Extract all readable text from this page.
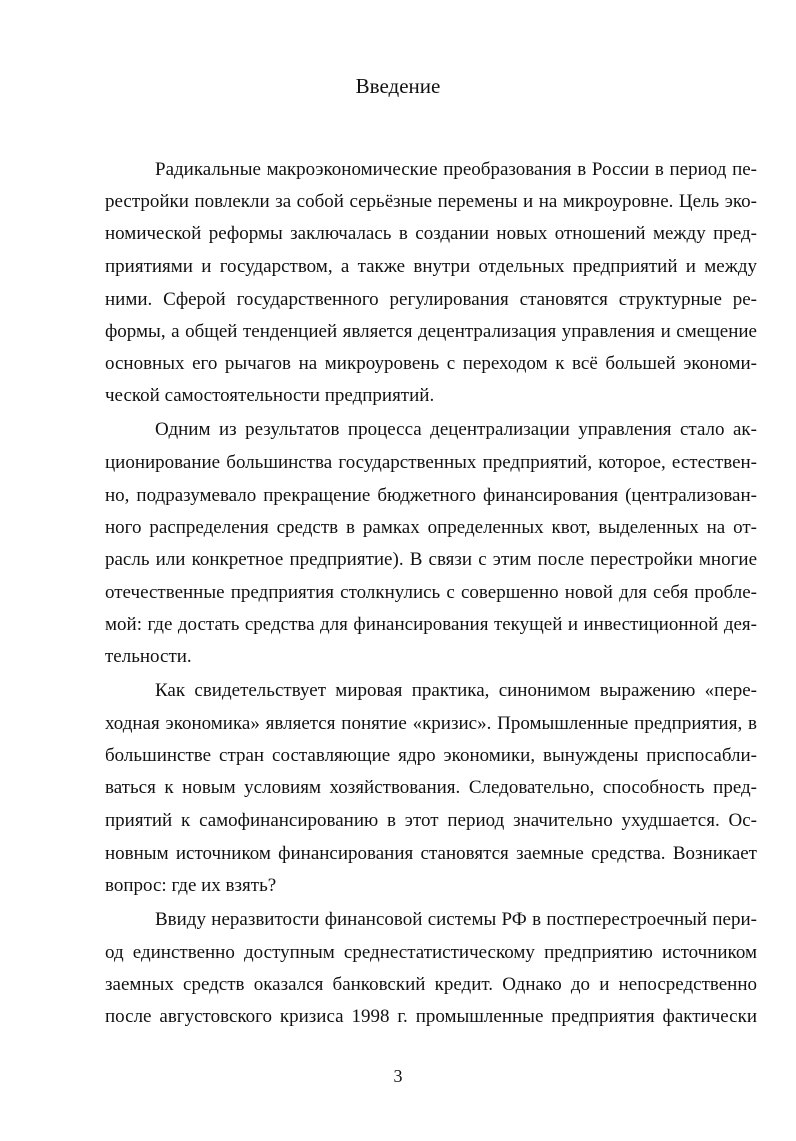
Введение
Радикальные макроэкономические преобразования в России в период пе-
рестройки повлекли за собой серьёзные перемены и на микроуровне. Цель эко-
номической реформы заключалась в создании новых отношений между пред-
приятиями и государством, а также внутри отдельных предприятий и между
ними. Сферой государственного регулирования становятся структурные ре-
формы, а общей тенденцией является децентрализация управления и смещение
основных его рычагов на микроуровень с переходом к всё большей экономи-
ческой самостоятельности предприятий.
Одним из результатов процесса децентрализации управления стало ак-
ционирование большинства государственных предприятий, которое, естествен-
но, подразумевало прекращение бюджетного финансирования (централизован-
ного распределения средств в рамках определенных квот, выделенных на от-
расль или конкретное предприятие). В связи с этим после перестройки многие
отечественные предприятия столкнулись с совершенно новой для себя пробле-
мой: где достать средства для финансирования текущей и инвестиционной дея-
тельности.
Как свидетельствует мировая практика, синонимом выражению «пере-
ходная экономика» является понятие «кризис». Промышленные предприятия, в
большинстве стран составляющие ядро экономики, вынуждены приспосабли-
ваться к новым условиям хозяйствования. Следовательно, способность пред-
приятий к самофинансированию в этот период значительно ухудшается. Ос-
новным источником финансирования становятся заемные средства. Возникает
вопрос: где их взять?
Ввиду неразвитости финансовой системы РФ в постперестроечный пери-
од единственно доступным среднестатистическому предприятию источником
заемных средств оказался банковский кредит. Однако до и непосредственно
после августовского кризиса 1998 г. промышленные предприятия фактически
3
